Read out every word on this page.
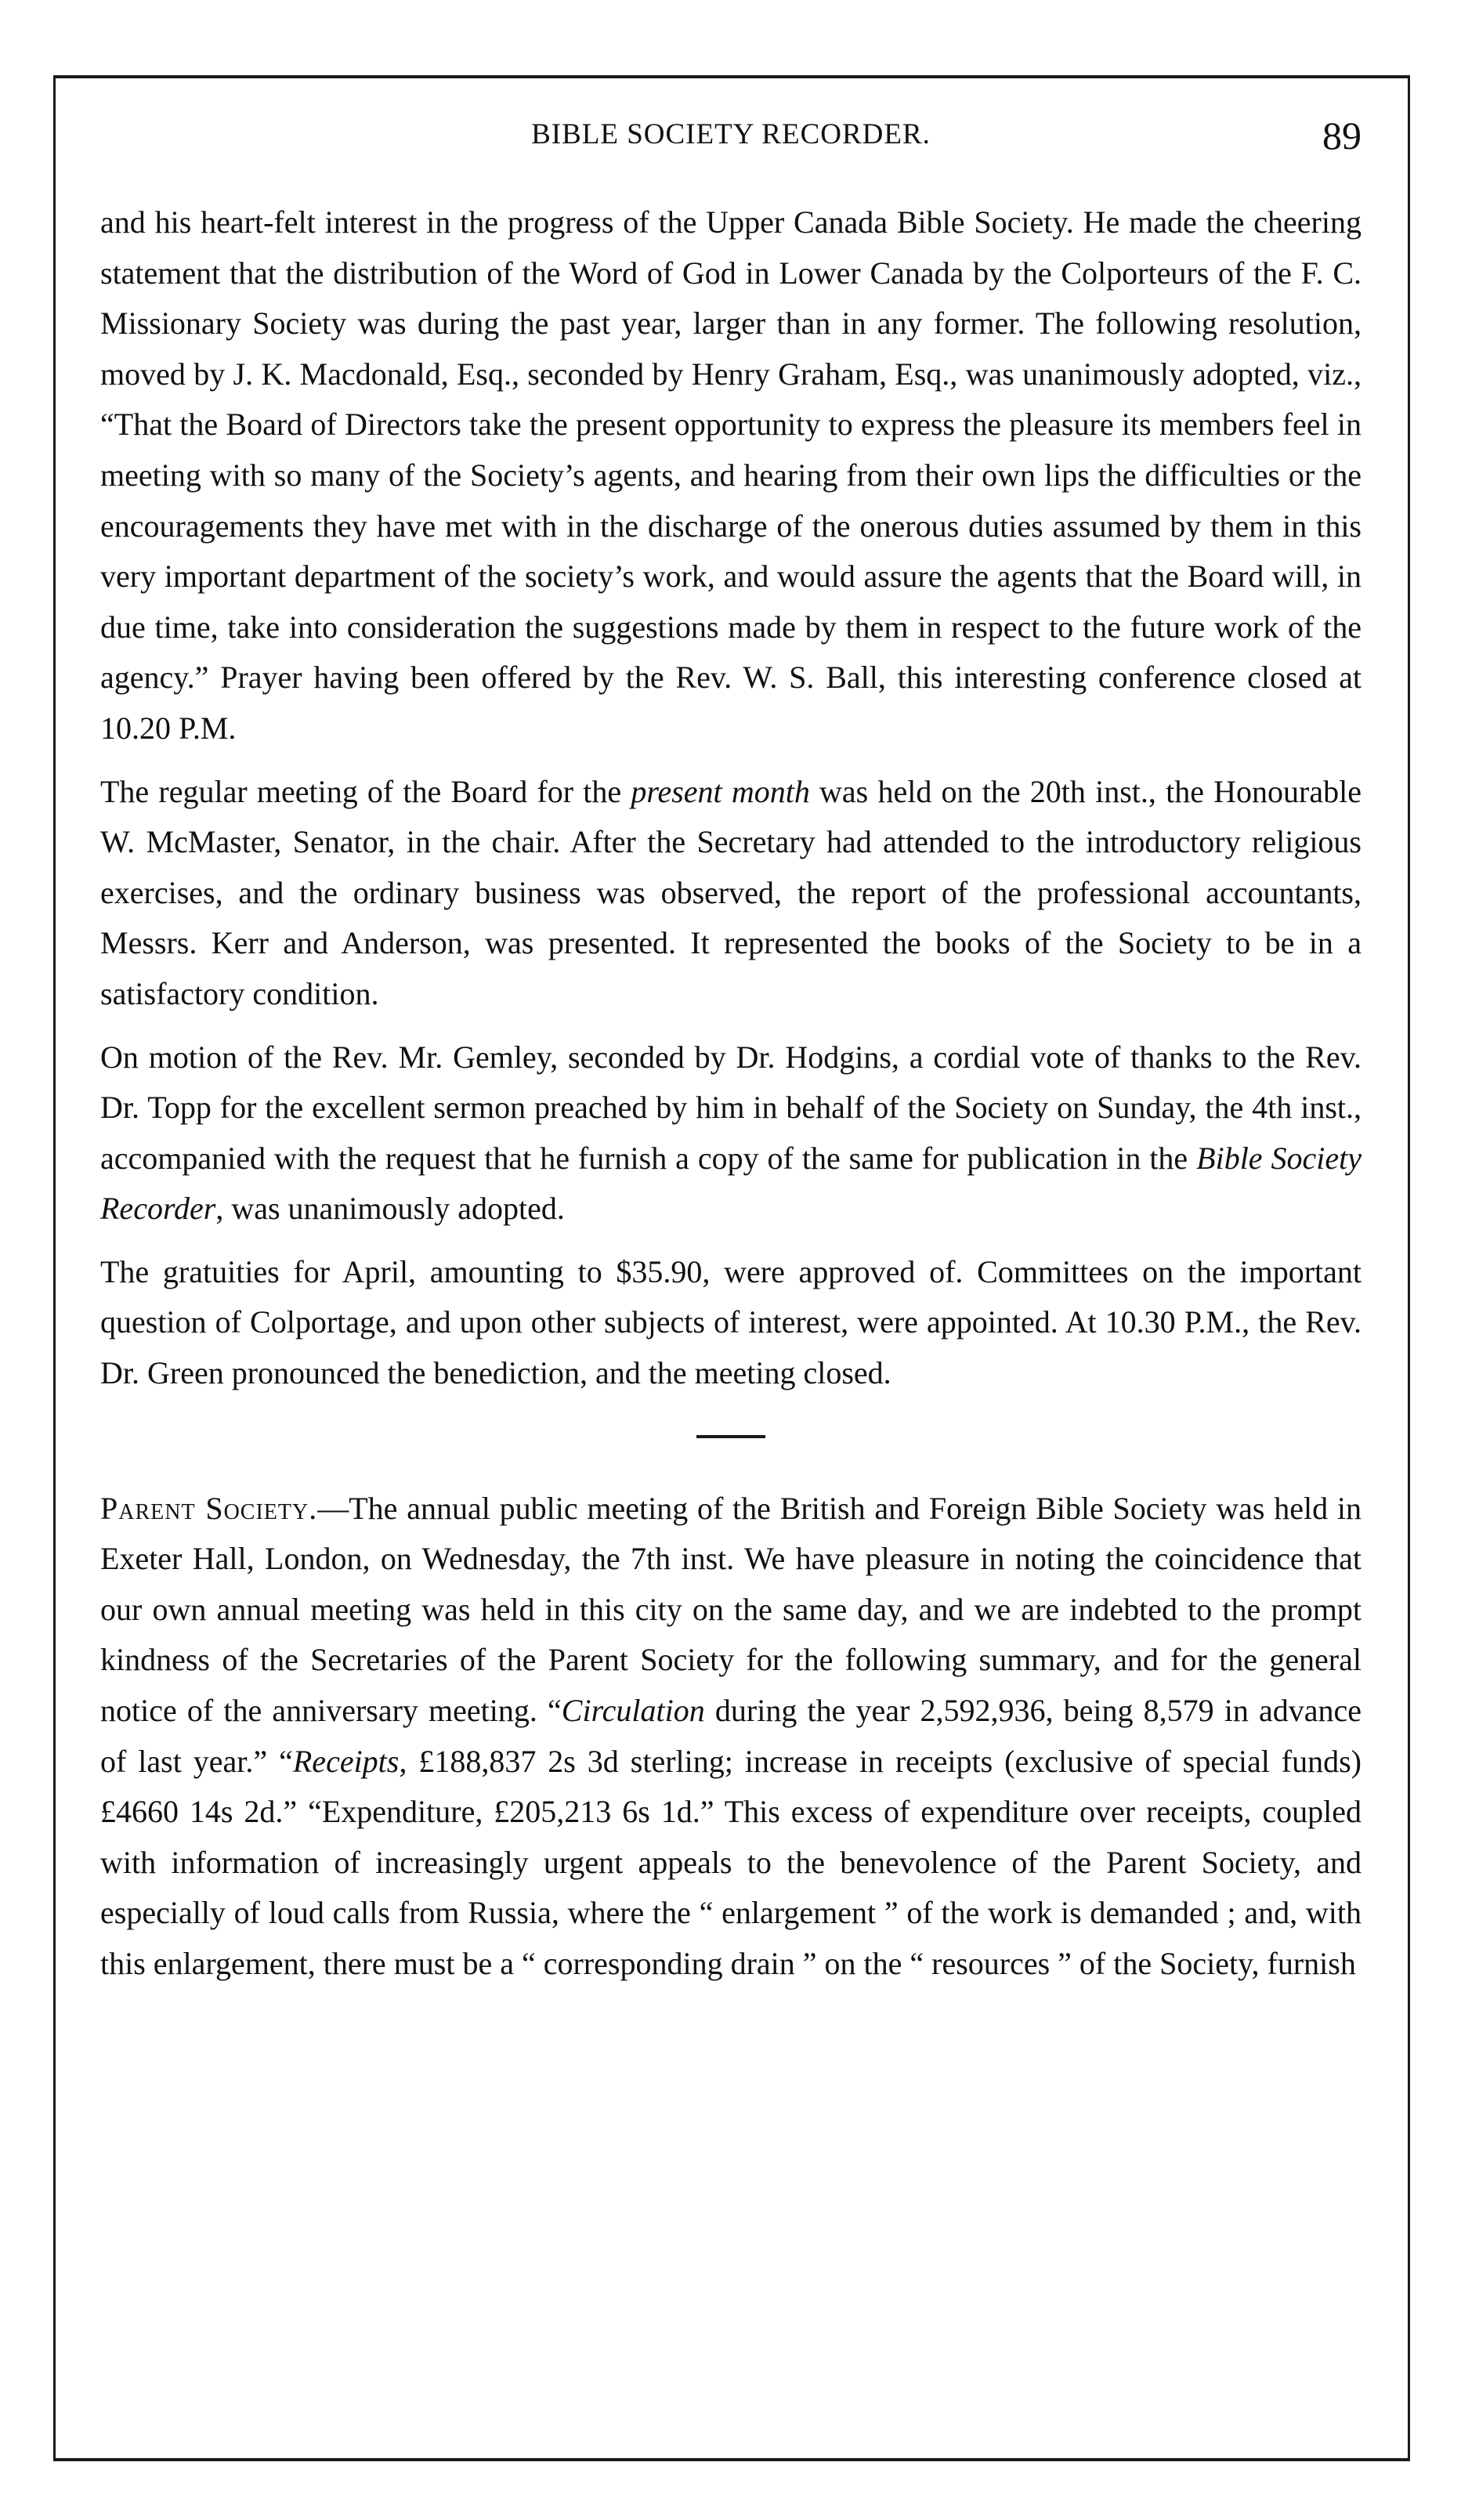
BIBLE SOCIETY RECORDER.	89

and his heart-felt interest in the progress of the Upper Canada Bible Society. He made the cheering statement that the distribution of the Word of God in Lower Canada by the Colporteurs of the F. C. Missionary Society was during the past year, larger than in any former. The following resolution, moved by J. K. Macdonald, Esq., seconded by Henry Graham, Esq., was unanimously adopted, viz., “That the Board of Directors take the present opportunity to express the pleasure its members feel in meeting with so many of the Society’s agents, and hearing from their own lips the difficulties or the encouragements they have met with in the discharge of the onerous duties assumed by them in this very important department of the society’s work, and would assure the agents that the Board will, in due time, take into consideration the suggestions made by them in respect to the future work of the agency.” Prayer having been offered by the Rev. W. S. Ball, this interesting conference closed at 10.20 P.M.

The regular meeting of the Board for the present month was held on the 20th inst., the Honourable W. McMaster, Senator, in the chair. After the Secretary had attended to the introductory religious exercises, and the ordinary business was observed, the report of the professional accountants, Messrs. Kerr and Anderson, was presented. It represented the books of the Society to be in a satisfactory condition.

On motion of the Rev. Mr. Gemley, seconded by Dr. Hodgins, a cordial vote of thanks to the Rev. Dr. Topp for the excellent sermon preached by him in behalf of the Society on Sunday, the 4th inst., accompanied with the request that he furnish a copy of the same for publication in the Bible Society Recorder, was unanimously adopted.

The gratuities for April, amounting to $35.90, were approved of. Committees on the important question of Colportage, and upon other subjects of interest, were appointed. At 10.30 P.M., the Rev. Dr. Green pronounced the benediction, and the meeting closed.

Parent Society.—The annual public meeting of the British and Foreign Bible Society was held in Exeter Hall, London, on Wednesday, the 7th inst. We have pleasure in noting the coincidence that our own annual meeting was held in this city on the same day, and we are indebted to the prompt kindness of the Secretaries of the Parent Society for the following summary, and for the general notice of the anniversary meeting. “Circulation during the year 2,592,936, being 8,579 in advance of last year.” “Receipts, £188,837 2s 3d sterling; increase in receipts (exclusive of special funds) £4660 14s 2d.” “Expenditure, £205,213 6s 1d.” This excess of expenditure over receipts, coupled with information of increasingly urgent appeals to the benevolence of the Parent Society, and especially of loud calls from Russia, where the “ enlargement ” of the work is demanded ; and, with this enlargement, there must be a “ corresponding drain ” on the “ resources ” of the Society, furnish
